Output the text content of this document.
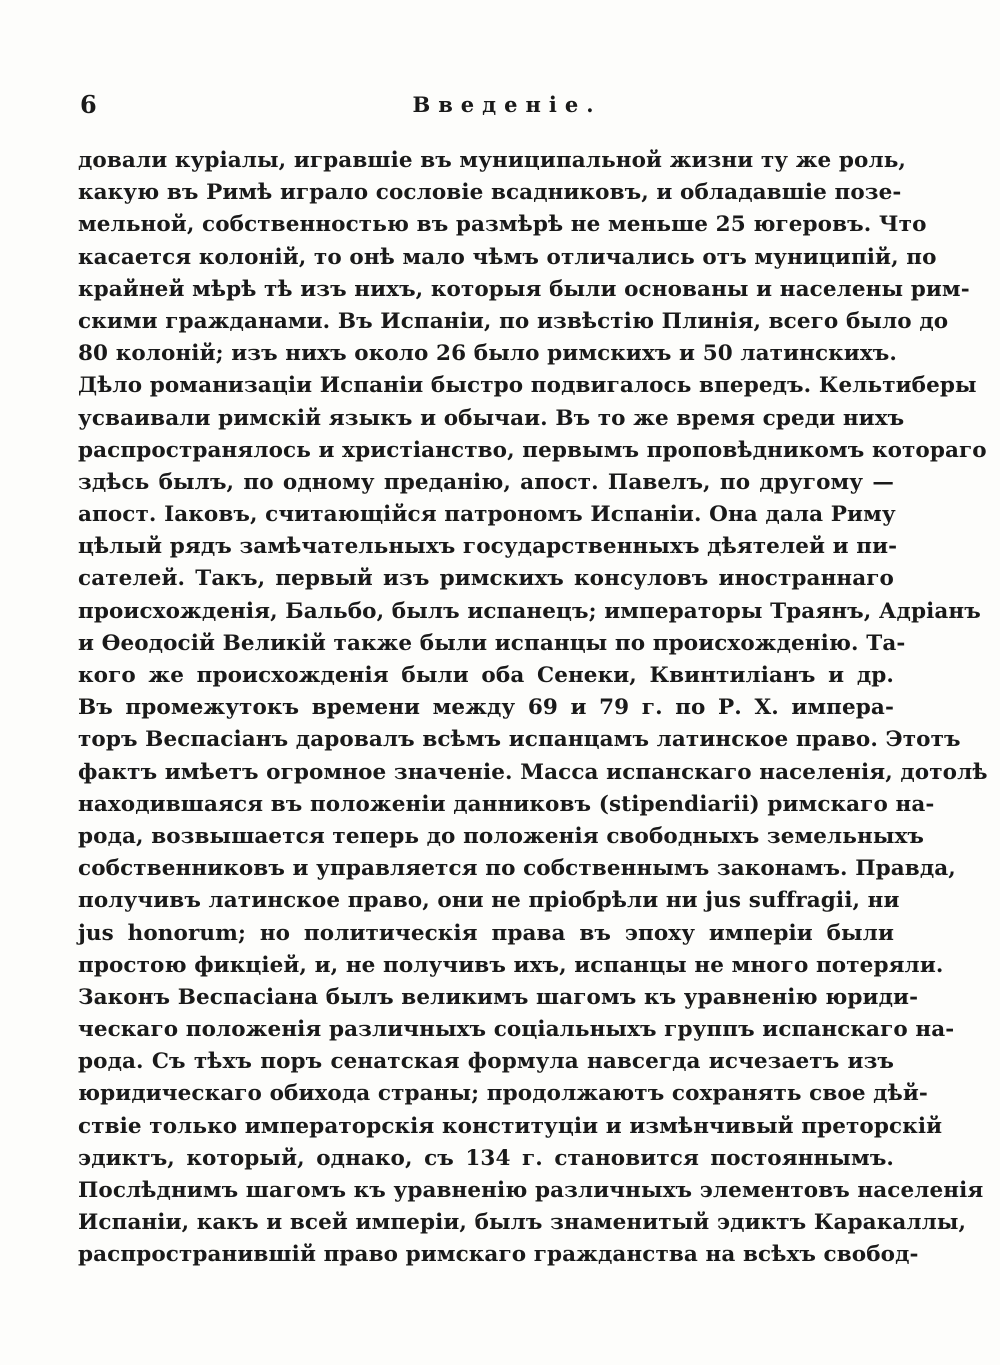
6	Введеніе.
довали куріалы, игравшіе въ муниципальной жизни ту же роль,
какую въ Римѣ играло сословіе всадниковъ, и обладавшіе позе-
мельной, собственностью въ размѣрѣ не меньше 25 югеровъ. Что
касается колоній, то онѣ мало чѣмъ отличались отъ муниципій, по
крайней мѣрѣ тѣ изъ нихъ, которыя были основаны и населены рим-
скими гражданами. Въ Испаніи, по извѣстію Плинія, всего было до
80 колоній; изъ нихъ около 26 было римскихъ и 50 латинскихъ.
Дѣло романизаціи Испаніи быстро подвигалось впередъ. Кельтиберы
усваивали римскій языкъ и обычаи. Въ то же время среди нихъ
распространялось и христіанство, первымъ проповѣдникомъ котораго
здѣсь былъ, по одному преданію, апост. Павелъ, по другому —
апост. Іаковъ, считающійся патрономъ Испаніи. Она дала Риму
цѣлый рядъ замѣчательныхъ государственныхъ дѣятелей и пи-
сателей. Такъ, первый изъ римскихъ консуловъ иностраннаго
происхожденія, Бальбо, былъ испанецъ; императоры Траянъ, Адріанъ
и Ѳеодосій Великій также были испанцы по происхожденію. Та-
кого же происхожденія были оба Сенеки, Квинтиліанъ и др.
Въ промежутокъ времени между 69 и 79 г. по Р. Х. импера-
торъ Веспасіанъ даровалъ всѣмъ испанцамъ латинское право. Этотъ
фактъ имѣетъ огромное значеніе. Масса испанскаго населенія, дотолѣ
находившаяся въ положеніи данниковъ (stipendiarii) римскаго на-
рода, возвышается теперь до положенія свободныхъ земельныхъ
собственниковъ и управляется по собственнымъ законамъ. Правда,
получивъ латинское право, они не пріобрѣли ни jus suffragii, ни
jus honorum; но политическія права въ эпоху имперіи были
простою фикціей, и, не получивъ ихъ, испанцы не много потеряли.
Законъ Веспасіана былъ великимъ шагомъ къ уравненію юриди-
ческаго положенія различныхъ соціальныхъ группъ испанскаго на-
рода. Съ тѣхъ поръ сенатская формула навсегда исчезаетъ изъ
юридическаго обихода страны; продолжаютъ сохранять свое дѣй-
ствіе только императорскія конституціи и измѣнчивый преторскій
эдиктъ, который, однако, съ 134 г. становится постояннымъ.
Послѣднимъ шагомъ къ уравненію различныхъ элементовъ населенія
Испаніи, какъ и всей имперіи, былъ знаменитый эдиктъ Каракаллы,
распространившій право римскаго гражданства на всѣхъ свобод-
